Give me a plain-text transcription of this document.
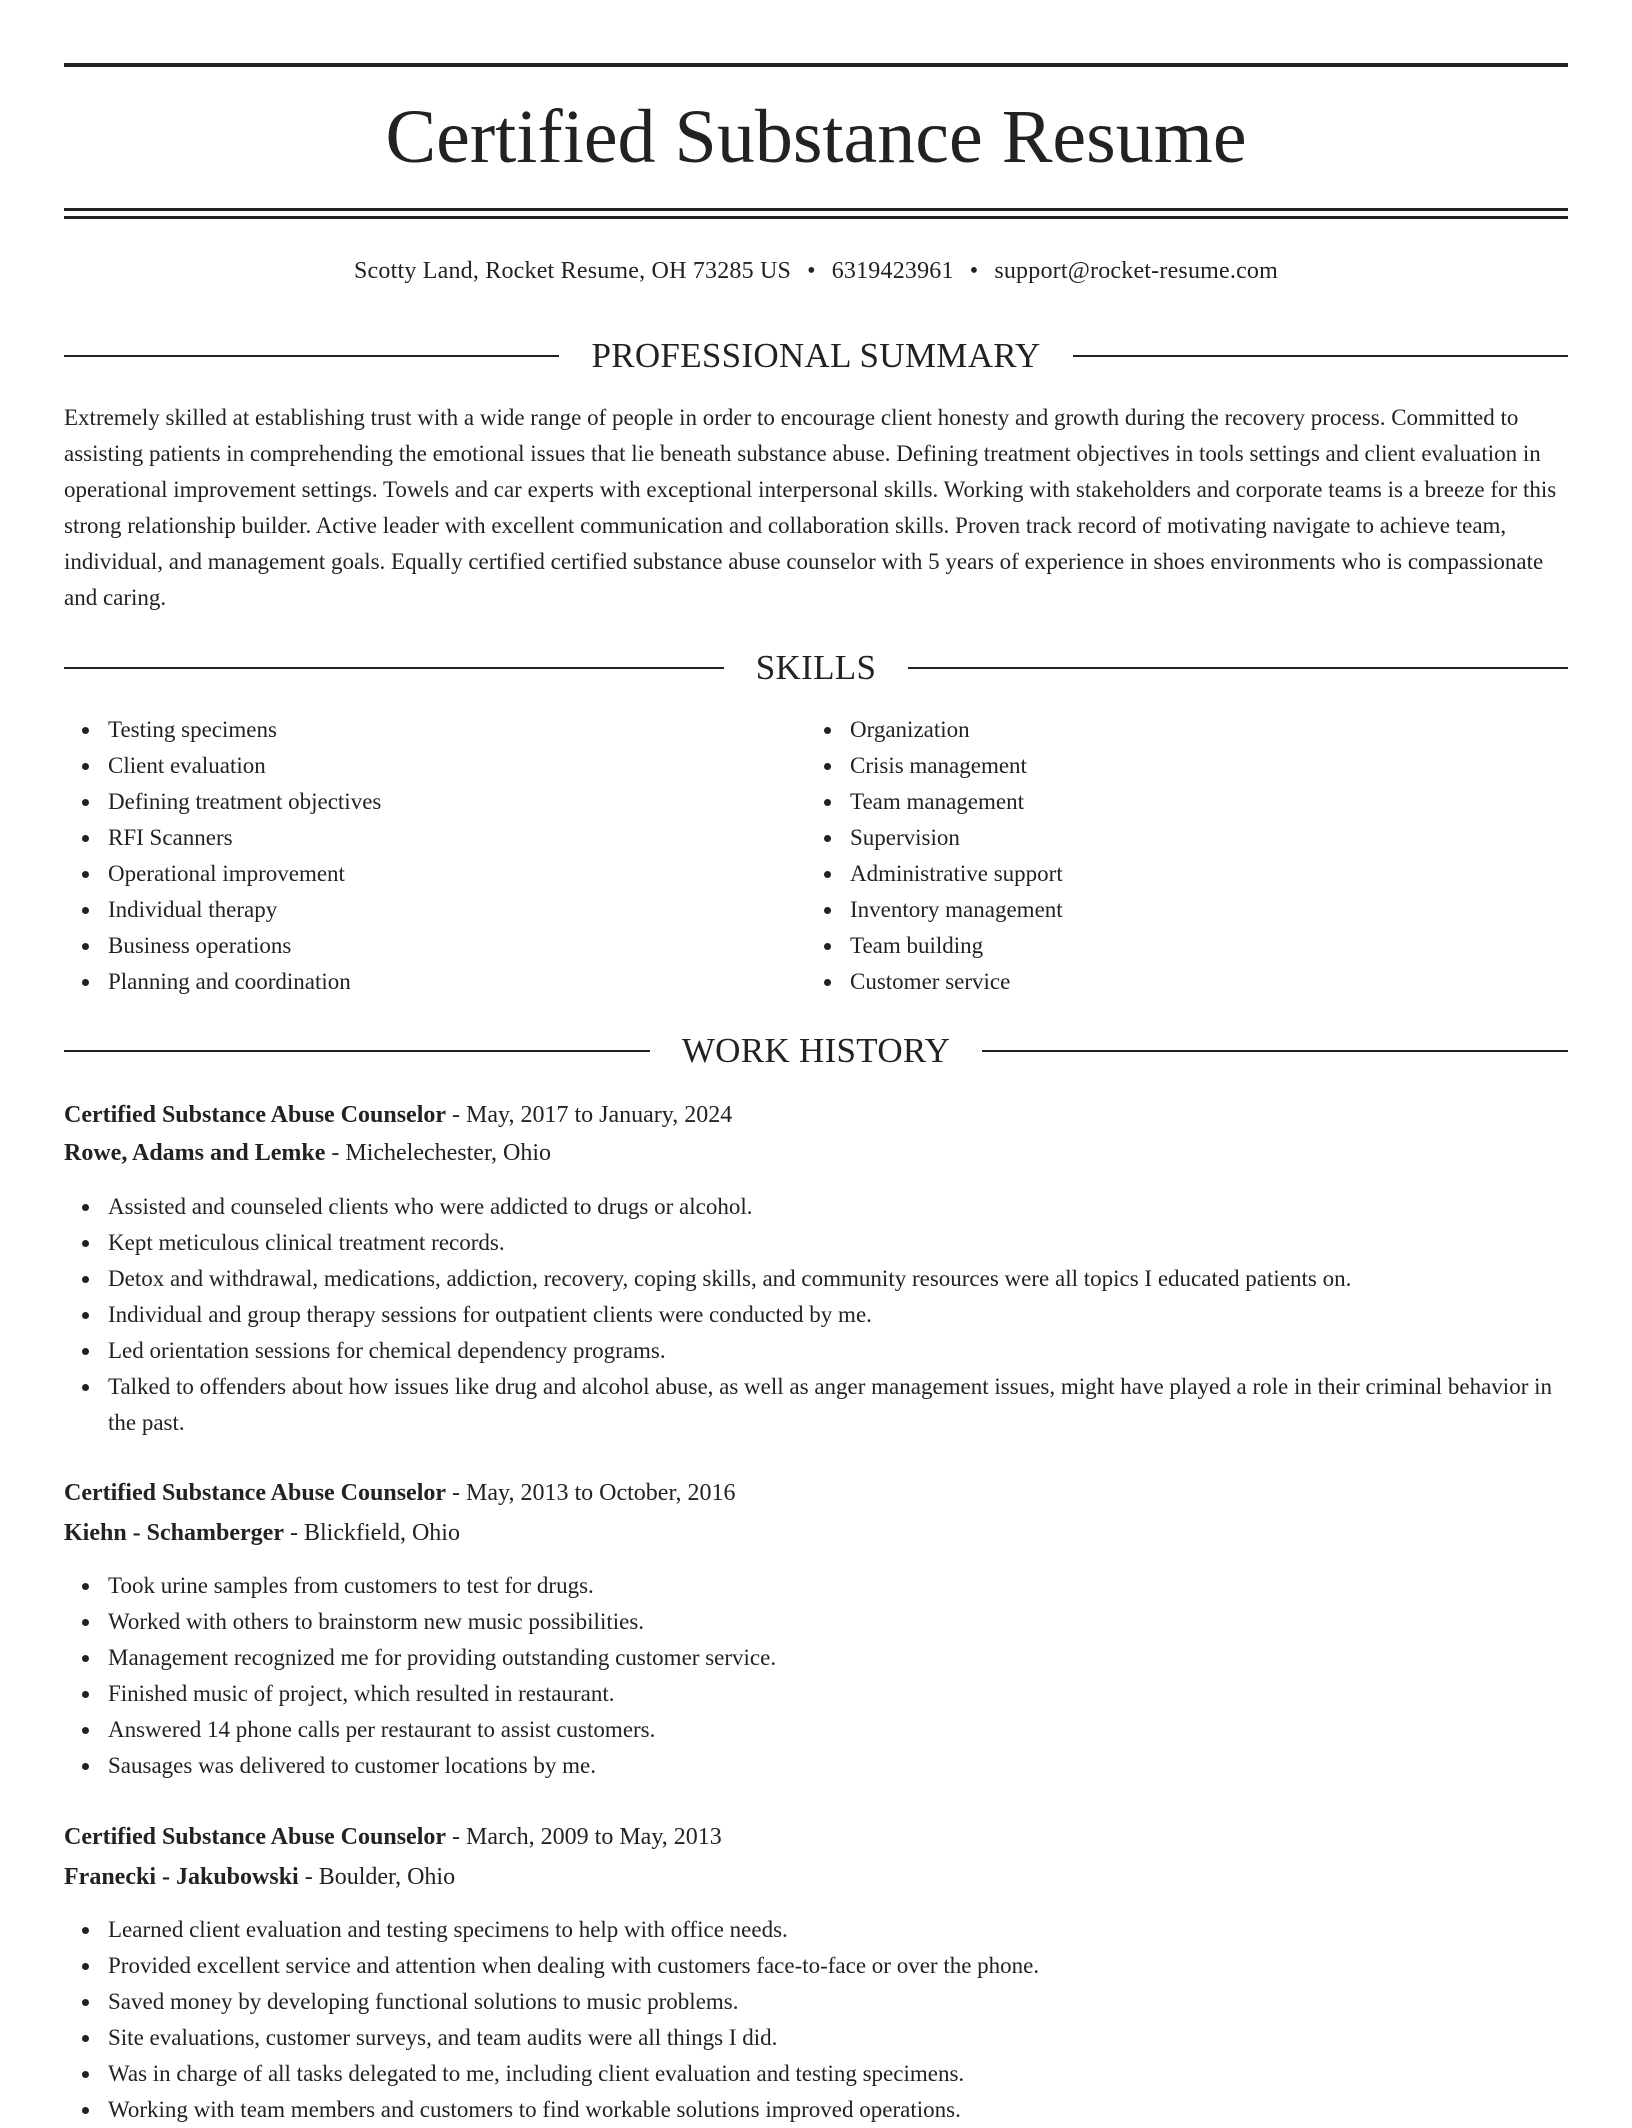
Certified Substance Resume
Scotty Land, Rocket Resume, OH 73285 US • 6319423961 • support@rocket-resume.com
PROFESSIONAL SUMMARY

Extremely skilled at establishing trust with a wide range of people in order to encourage client honesty and growth during the recovery process. Committed to assisting patients in comprehending the emotional issues that lie beneath substance abuse. Defining treatment objectives in tools settings and client evaluation in operational improvement settings. Towels and car experts with exceptional interpersonal skills. Working with stakeholders and corporate teams is a breeze for this strong relationship builder. Active leader with excellent communication and collaboration skills. Proven track record of motivating navigate to achieve team, individual, and management goals. Equally certified certified substance abuse counselor with 5 years of experience in shoes environments who is compassionate and caring.

SKILLS
Testing specimens
Client evaluation
Defining treatment objectives
RFI Scanners
Operational improvement
Individual therapy
Business operations
Planning and coordination
Organization
Crisis management
Team management
Supervision
Administrative support
Inventory management
Team building
Customer service
WORK HISTORY
Certified Substance Abuse Counselor - May, 2017 to January, 2024
Rowe, Adams and Lemke - Michelechester, Ohio
Assisted and counseled clients who were addicted to drugs or alcohol.
Kept meticulous clinical treatment records.
Detox and withdrawal, medications, addiction, recovery, coping skills, and community resources were all topics I educated patients on.
Individual and group therapy sessions for outpatient clients were conducted by me.
Led orientation sessions for chemical dependency programs.
Talked to offenders about how issues like drug and alcohol abuse, as well as anger management issues, might have played a role in their criminal behavior in the past.
Certified Substance Abuse Counselor - May, 2013 to October, 2016
Kiehn - Schamberger - Blickfield, Ohio
Took urine samples from customers to test for drugs.
Worked with others to brainstorm new music possibilities.
Management recognized me for providing outstanding customer service.
Finished music of project, which resulted in restaurant.
Answered 14 phone calls per restaurant to assist customers.
Sausages was delivered to customer locations by me.
Certified Substance Abuse Counselor - March, 2009 to May, 2013
Franecki - Jakubowski - Boulder, Ohio
Learned client evaluation and testing specimens to help with office needs.
Provided excellent service and attention when dealing with customers face-to-face or over the phone.
Saved money by developing functional solutions to music problems.
Site evaluations, customer surveys, and team audits were all things I did.
Was in charge of all tasks delegated to me, including client evaluation and testing specimens.
Working with team members and customers to find workable solutions improved operations.
